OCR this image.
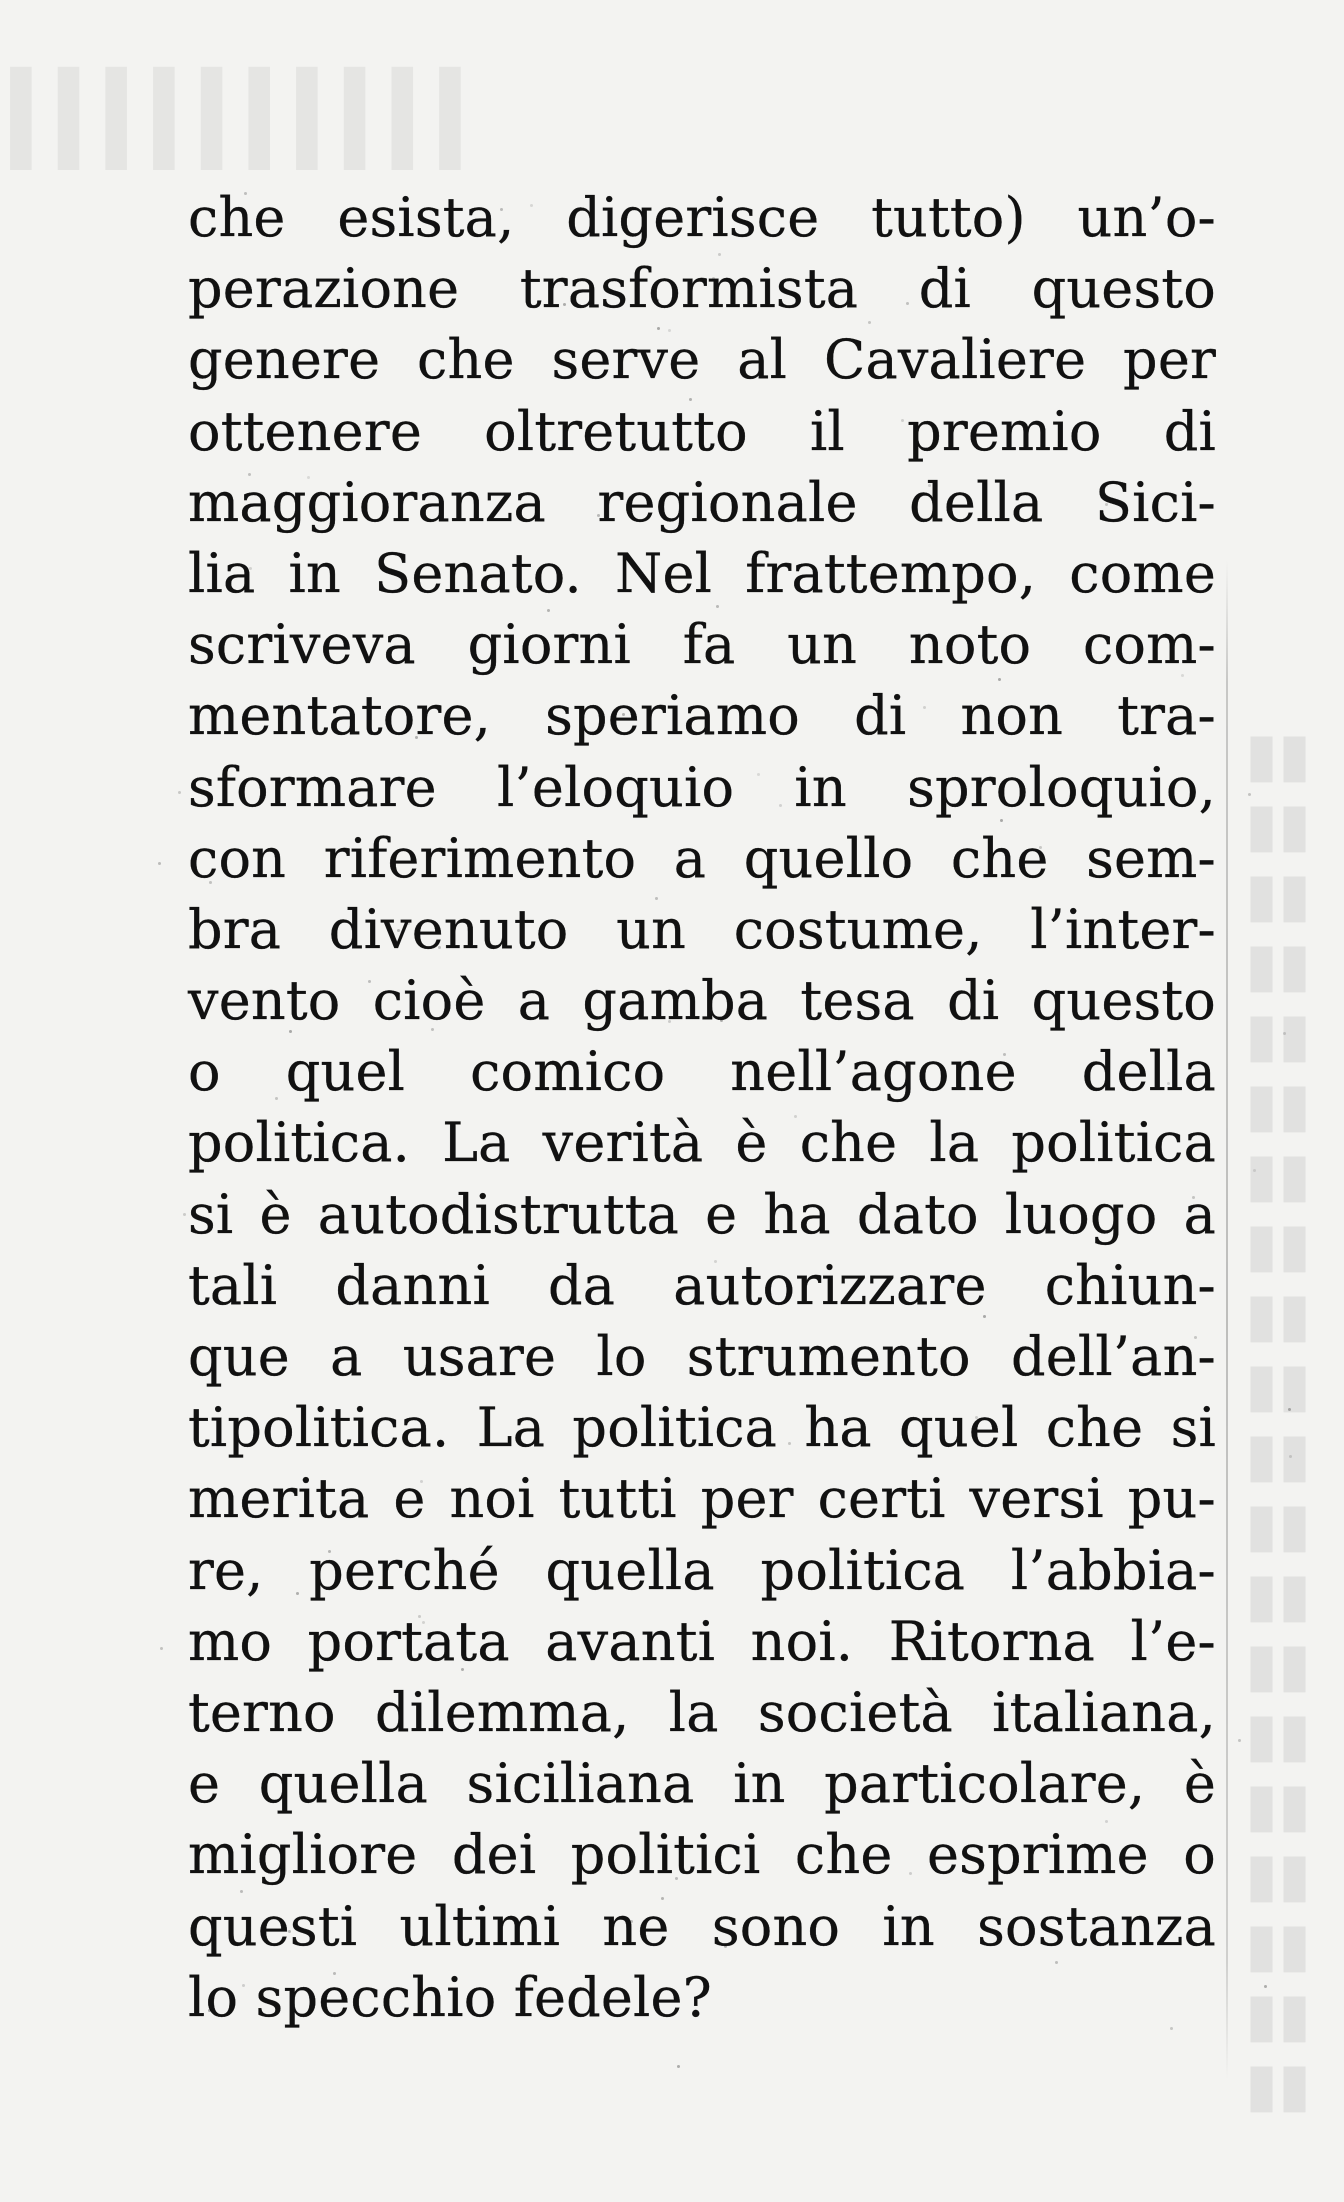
IIIIIIIIII
▮▮
▮▮
▮▮
▮▮
▮▮
▮▮
▮▮
▮▮
▮▮
▮▮
▮▮
▮▮
▮▮
▮▮
▮▮
▮▮
▮▮
▮▮
▮▮
▮▮
che esista, digerisce tutto) un’o-
perazione trasformista di questo
genere che serve al Cavaliere per
ottenere oltretutto il premio di
maggioranza regionale della Sici-
lia in Senato. Nel frattempo, come
scriveva giorni fa un noto com-
mentatore, speriamo di non tra-
sformare l’eloquio in sproloquio,
con riferimento a quello che sem-
bra divenuto un costume, l’inter-
vento cioè a gamba tesa di questo
o quel comico nell’agone della
politica. La verità è che la politica
si è autodistrutta e ha dato luogo a
tali danni da autorizzare chiun-
que a usare lo strumento dell’an-
tipolitica. La politica ha quel che si
merita e noi tutti per certi versi pu-
re, perché quella politica l’abbia-
mo portata avanti noi. Ritorna l’e-
terno dilemma, la società italiana,
e quella siciliana in particolare, è
migliore dei politici che esprime o
questi ultimi ne sono in sostanza
lo specchio fedele?
